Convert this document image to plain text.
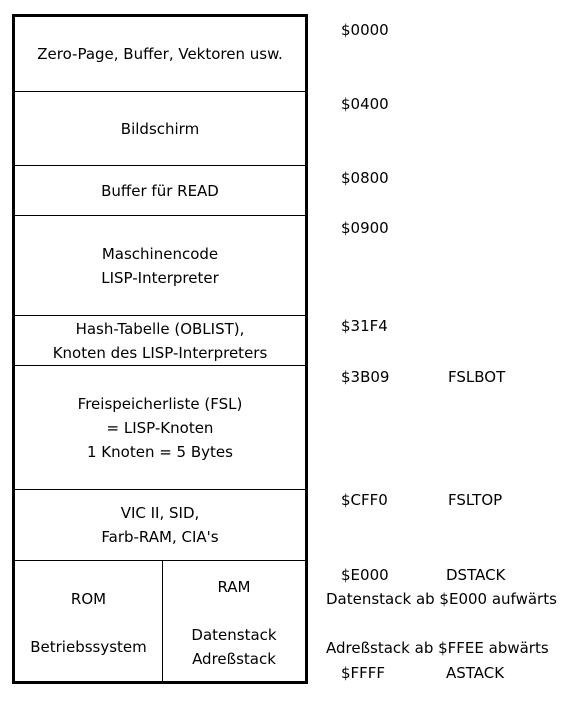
Zero-Page, Buffer, Vektoren usw.
Bildschirm
Buffer für READ
Maschinencode
LISP-Interpreter
Hash-Tabelle (OBLIST),
Knoten des LISP-Interpreters
Freispeicherliste (FSL)
= LISP-Knoten
1 Knoten = 5 Bytes
VIC II, SID,
Farb-RAM, CIA's
ROM
Betriebssystem
RAM
Datenstack
Adreßstack
$0000
$0400
$0800
$0900
$31F4
$3B09
$CFF0
$E000
$FFFF
FSLBOT
FSLTOP
DSTACK
ASTACK
Datenstack ab $E000 aufwärts
Adreßstack ab $FFEE abwärts
